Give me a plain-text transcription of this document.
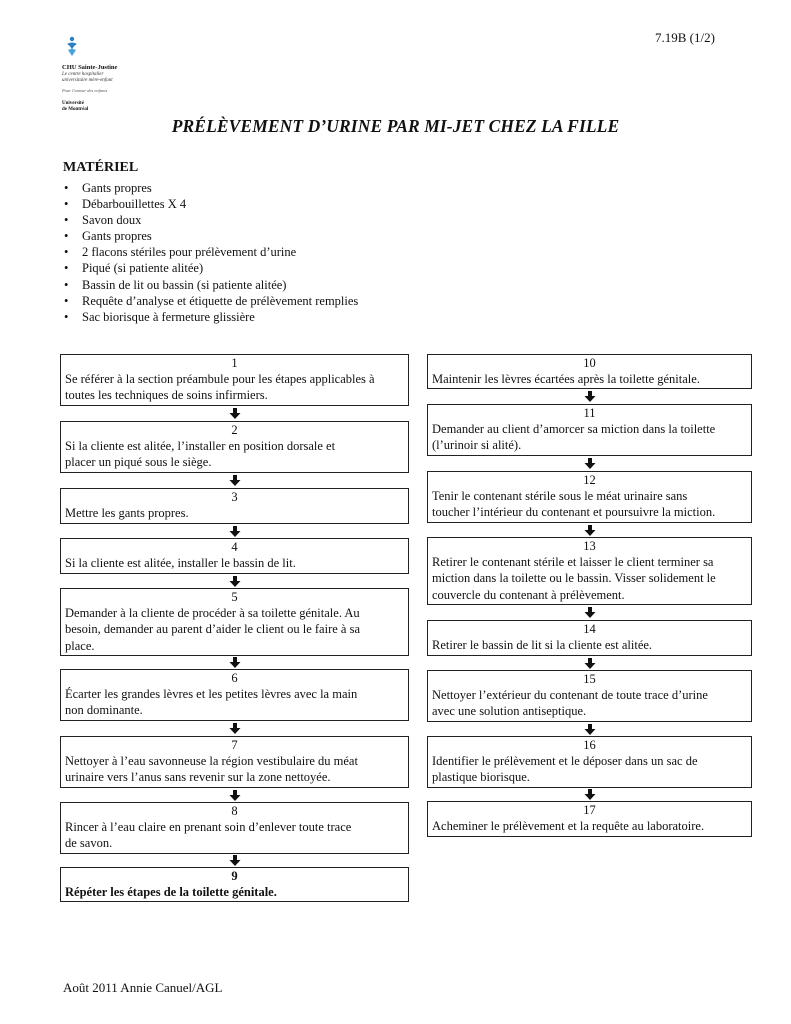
7.19B (1/2)
CHU Sainte-Justine
Le centre hospitalier
universitaire mère-enfant
Pour l'amour des enfants
Université
de Montréal
PRÉLÈVEMENT D’URINE PAR MI-JET CHEZ LA FILLE
MATÉRIEL
• Gants propres
• Débarbouillettes X 4
• Savon doux
• Gants propres
• 2 flacons stériles pour prélèvement d’urine
• Piqué (si patiente alitée)
• Bassin de lit ou bassin (si patiente alitée)
• Requête d’analyse et étiquette de prélèvement remplies
• Sac biorisque à fermeture glissière
1
Se référer à la section préambule pour les étapes applicables à
toutes les techniques de soins infirmiers.
2
Si la cliente est alitée, l’installer en position dorsale et
placer un piqué sous le siège.
3
Mettre les gants propres.
4
Si la cliente est alitée, installer le bassin de lit.
5
Demander à la cliente de procéder à sa toilette génitale. Au
besoin, demander au parent d’aider le client ou le faire à sa
place.
6
Écarter les grandes lèvres et les petites lèvres avec la main
non dominante.
7
Nettoyer à l’eau savonneuse la région vestibulaire du méat
urinaire vers l’anus sans revenir sur la zone nettoyée.
8
Rincer à l’eau claire en prenant soin d’enlever toute trace
de savon.
9
Répéter les étapes de la toilette génitale.
10
Maintenir les lèvres écartées après la toilette génitale.
11
Demander au client d’amorcer sa miction dans la toilette
(l’urinoir si alité).
12
Tenir le contenant stérile sous le méat urinaire sans
toucher l’intérieur du contenant et poursuivre la miction.
13
Retirer le contenant stérile et laisser le client terminer sa
miction dans la toilette ou le bassin. Visser solidement le
couvercle du contenant à prélèvement.
14
Retirer le bassin de lit si la cliente est alitée.
15
Nettoyer l’extérieur du contenant de toute trace d’urine
avec une solution antiseptique.
16
Identifier le prélèvement et le déposer dans un sac de
plastique biorisque.
17
Acheminer le prélèvement et la requête au laboratoire.
Août 2011 Annie Canuel/AGL
